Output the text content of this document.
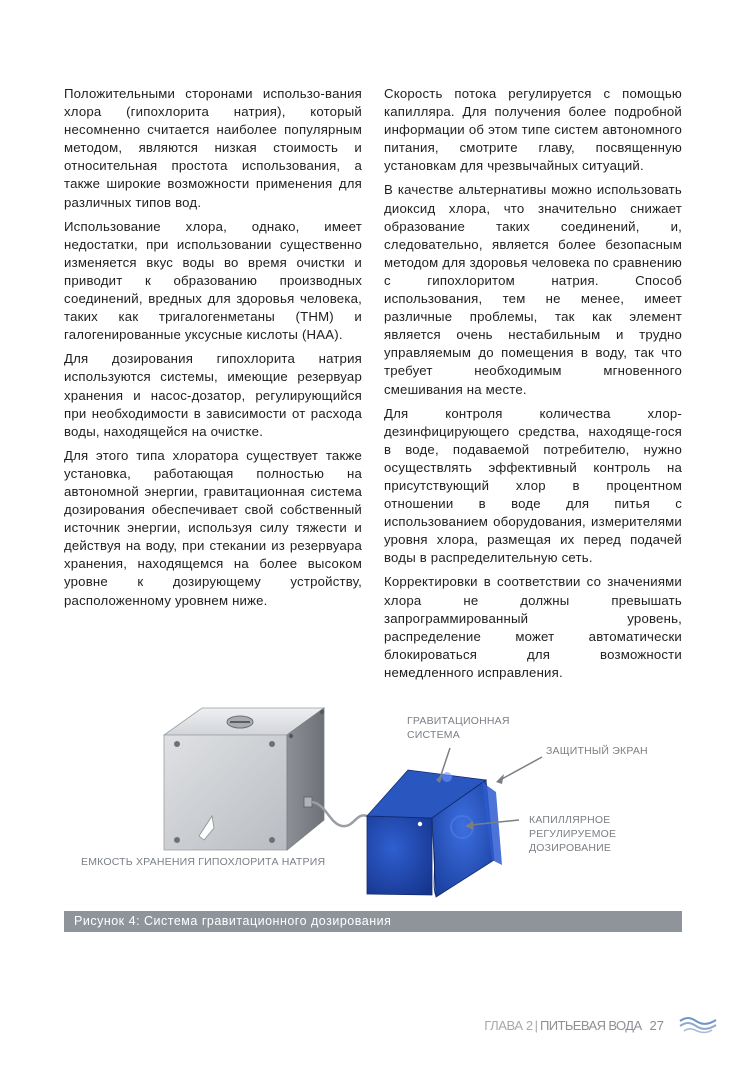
Положительными сторонами использо-вания хлора (гипохлорита натрия), который несомненно считается наиболее популярным методом, являются низкая стоимость и относительная простота использования, а также широкие возможности применения для различных типов вод.

Использование хлора, однако, имеет недостатки, при использовании существенно изменяется вкус воды во время очистки и приводит к образованию производных соединений, вредных для здоровья человека, таких как тригалогенметаны (THM) и галогенированные уксусные кислоты (HAA).

Для дозирования гипохлорита натрия используются системы, имеющие резервуар хранения и насос-дозатор, регулирующийся при необходимости в зависимости от расхода воды, находящейся на очистке.

Для этого типа хлоратора существует также установка, работающая полностью на автономной энергии, гравитационная система дозирования обеспечивает свой собственный источник энергии, используя силу тяжести и действуя на воду, при стекании из резервуара хранения, находящемся на более высоком уровне к дозирующему устройству, расположенному уровнем ниже.

Скорость потока регулируется с помощью капилляра. Для получения более подробной информации об этом типе систем автономного питания, смотрите главу, посвященную установкам для чрезвычайных ситуаций.

В качестве альтернативы можно использовать диоксид хлора, что значительно снижает образование таких соединений, и, следовательно, является более безопасным методом для здоровья человека по сравнению с гипохлоритом натрия. Способ использования, тем не менее, имеет различные проблемы, так как элемент является очень нестабильным и трудно управляемым до помещения в воду, так что требует необходимым мгновенного смешивания на месте.

Для контроля количества хлор-дезинфицирующего средства, находяще-гося в воде, подаваемой потребителю, нужно осуществлять эффективный контроль на присутствующий хлор в процентном отношении в воде для питья с использованием оборудования, измерителями уровня хлора, размещая их перед подачей воды в распределительную сеть.

Корректировки в соответствии со значениями хлора не должны превышать запрограммированный уровень, распределение может автоматически блокироваться для возможности немедленного исправления.

ЕМКОСТЬ ХРАНЕНИЯ ГИПОХЛОРИТА НАТРИЯ
ГРАВИТАЦИОННАЯ СИСТЕМА
ЗАЩИТНЫЙ ЭКРАН
КАПИЛЛЯРНОЕ РЕГУЛИРУЕМОЕ ДОЗИРОВАНИЕ
Рисунок 4: Система гравитационного дозирования
ГЛАВА 2 | ПИТЬЕВАЯ ВОДА 27
